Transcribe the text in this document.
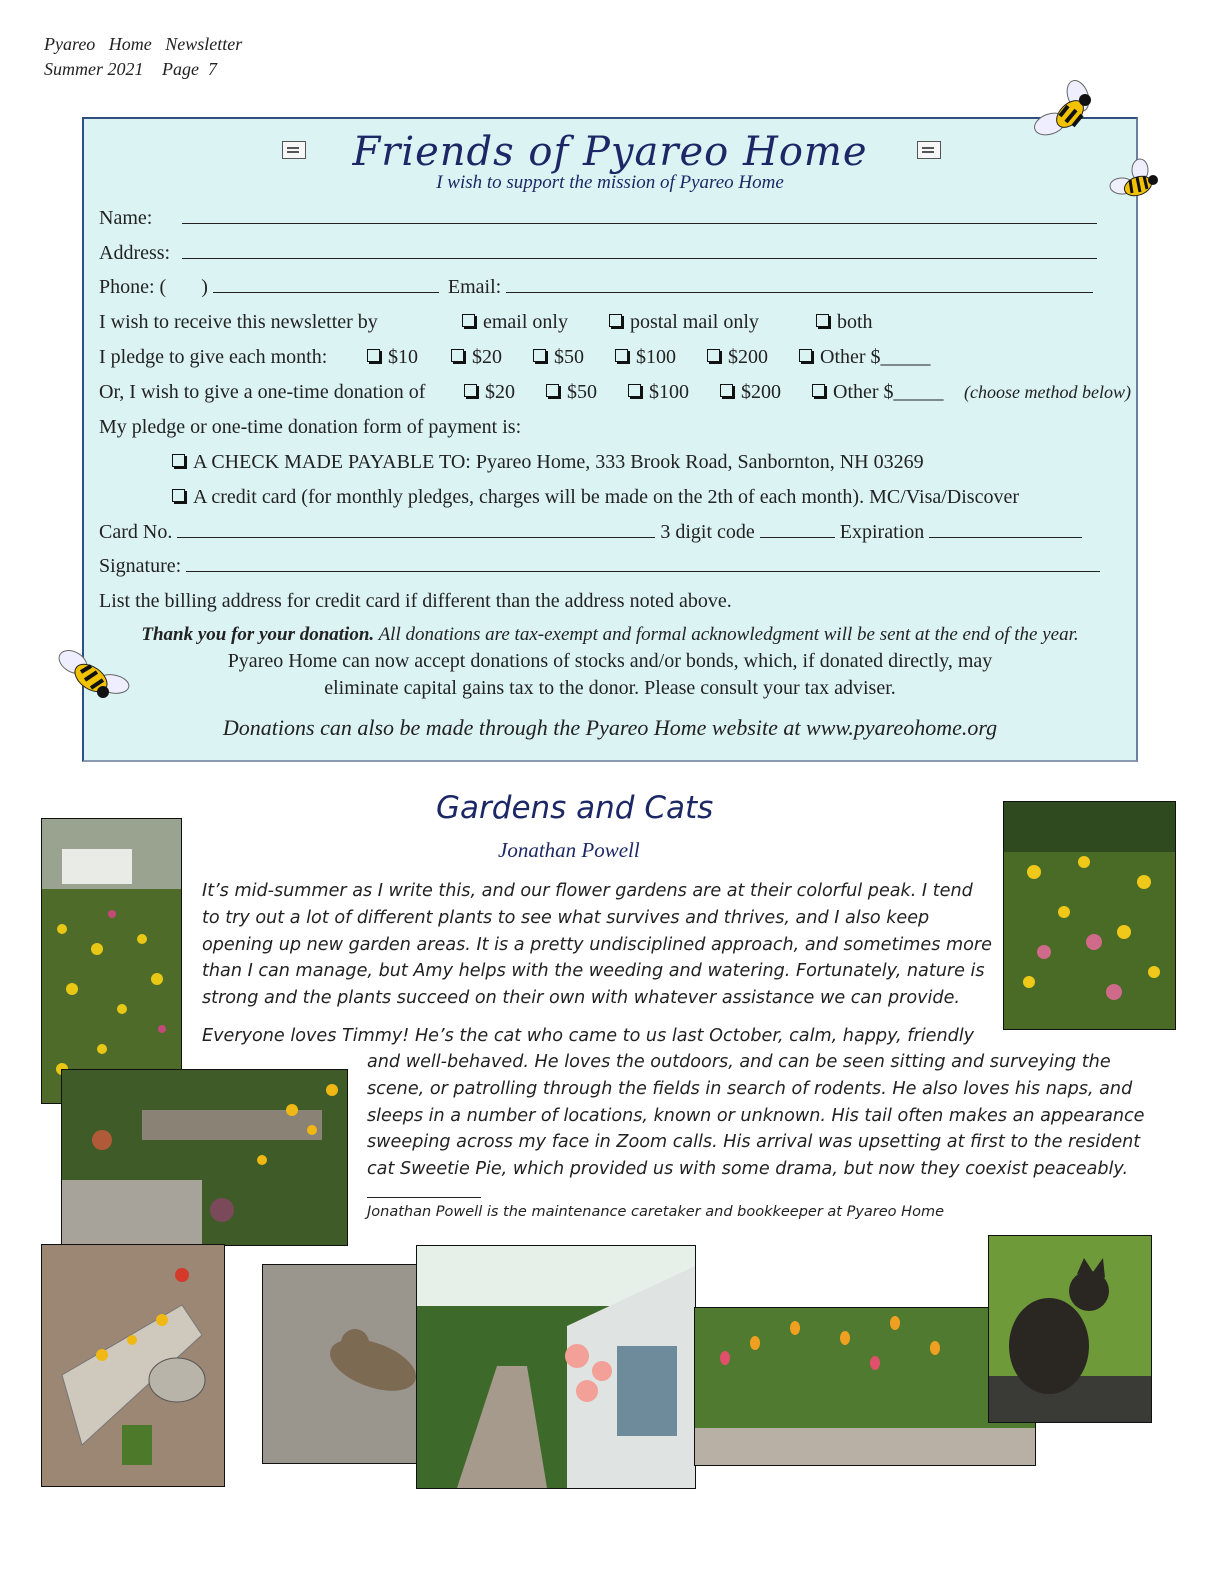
Pyareo   Home   Newsletter
Summer 2021 Page  7
Friends of Pyareo Home
I wish to support the mission of Pyareo Home
Name:
Address:
Phone: (       )	Email:
I wish to receive this newsletter by	email only	postal mail only	both
I pledge to give each month:	$10	$20	$50	$100	$200	Other $_____
Or, I wish to give a one-time donation of	$20	$50	$100	$200	Other $_____ (choose method below)
My pledge or one-time donation form of payment is:
A CHECK MADE PAYABLE TO: Pyareo Home, 333 Brook Road, Sanbornton, NH 03269
A credit card (for monthly pledges, charges will be made on the 2th of each month). MC/Visa/Discover
Card No.	3 digit code	Expiration
Signature:
List the billing address for credit card if different than the address noted above.
Thank you for your donation. All donations are tax-exempt and formal acknowledgment will be sent at the end of the year.
Pyareo Home can now accept donations of stocks and/or bonds, which, if donated directly, may
eliminate capital gains tax to the donor. Please consult your tax adviser.
Donations can also be made through the Pyareo Home website at www.pyareohome.org
Gardens and Cats
Jonathan Powell
It’s mid-summer as I write this, and our flower gardens are at their colorful peak. I tend
to try out a lot of different plants to see what survives and thrives, and I also keep
opening up new garden areas. It is a pretty undisciplined approach, and sometimes more
than I can manage, but Amy helps with the weeding and watering. Fortunately, nature is
strong and the plants succeed on their own with whatever assistance we can provide.
Everyone loves Timmy! He’s the cat who came to us last October, calm, happy, friendly
and well-behaved. He loves the outdoors, and can be seen sitting and surveying the
scene, or patrolling through the fields in search of rodents. He also loves his naps, and
sleeps in a number of locations, known or unknown. His tail often makes an appearance
sweeping across my face in Zoom calls. His arrival was upsetting at first to the resident
cat Sweetie Pie, which provided us with some drama, but now they coexist peaceably.
Jonathan Powell is the maintenance caretaker and bookkeeper at Pyareo Home
